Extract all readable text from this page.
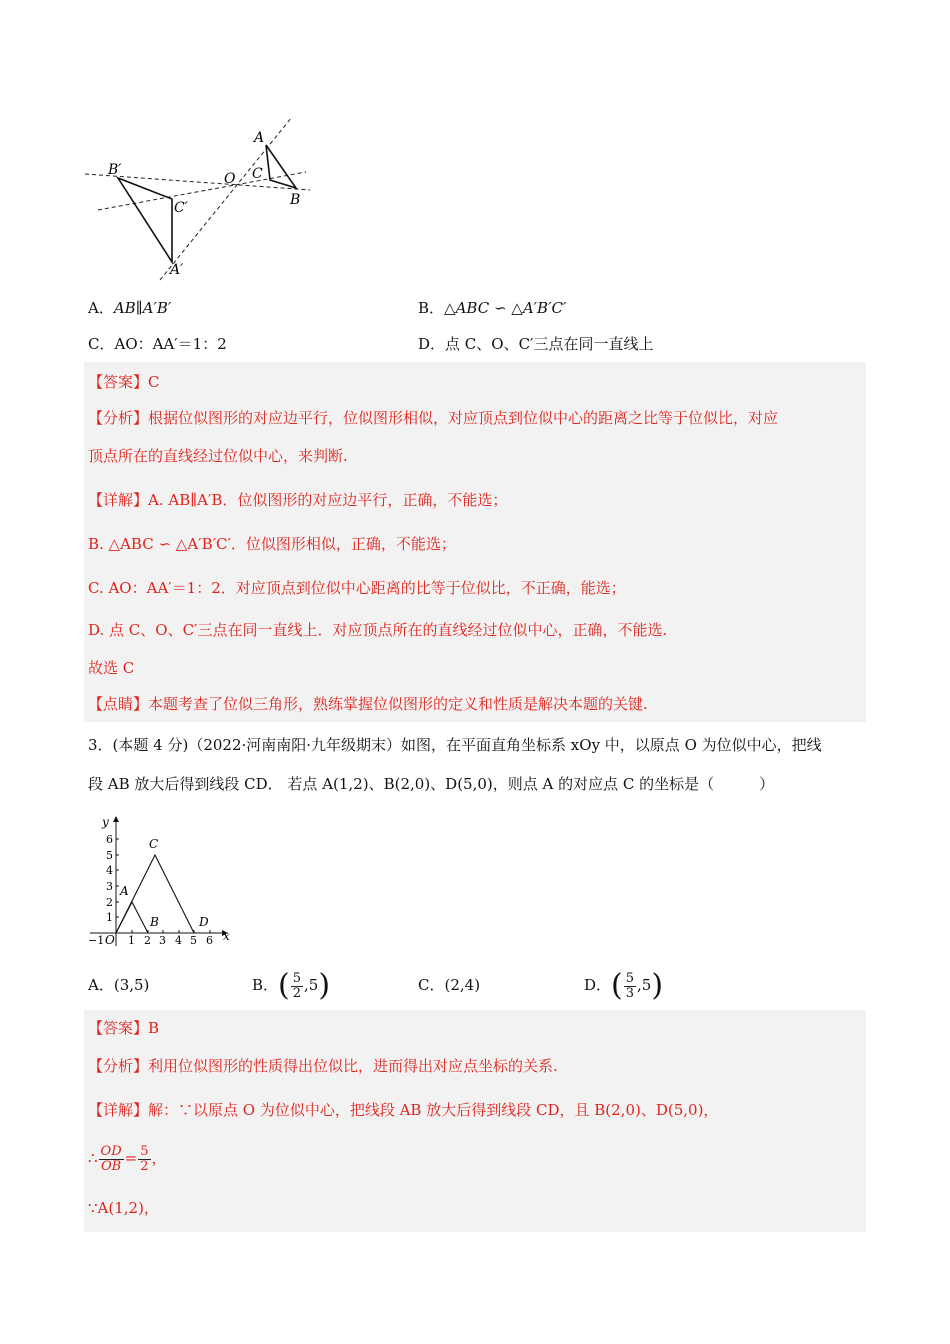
A
B
C
O
A′
B′
C′
A．AB∥A′B′	B．△ABC ∽ △A′B′C′
C．AO：AA′＝1：2	D．点 C、O、C′三点在同一直线上
【答案】C
【分析】根据位似图形的对应边平行，位似图形相似，对应顶点到位似中心的距离之比等于位似比，对应
顶点所在的直线经过位似中心，来判断.
【详解】A. AB∥A′B．位似图形的对应边平行，正确，不能选；
B. △ABC ∽ △A′B′C′．位似图形相似，正确，不能选；
C. AO：AA′＝1：2．对应顶点到位似中心距离的比等于位似比，不正确，能选；
D. 点 C、O、C′三点在同一直线上．对应顶点所在的直线经过位似中心，正确，不能选.
故选 C
【点睛】本题考查了位似三角形，熟练掌握位似图形的定义和性质是解决本题的关键.
3．(本题 4 分)（2022·河南南阳·九年级期末）如图，在平面直角坐标系 xOy 中，以原点 O 为位似中心，把线
段 AB 放大后得到线段 CD． 若点 A(1,2)、B(2,0)、D(5,0)，则点 A 的对应点 C 的坐标是（　　　）
y
x
O
−1 1 2 3 4 5 6
1
2
3
4
5
6
A
B
C
D
A．(3,5)	B．( $\frac{5}{2} ,5$)	C．(2,4)	D．( $\frac{5}{3} ,5$)
【答案】B
【分析】利用位似图形的性质得出位似比，进而得出对应点坐标的关系.
【详解】解：∵以原点 O 为位似中心，把线段 AB 放大后得到线段 CD，且 B(2,0)、D(5,0)，
∴ $\frac{OD}{OB} = \frac{5}{2}$ ，
∵A(1,2)，
